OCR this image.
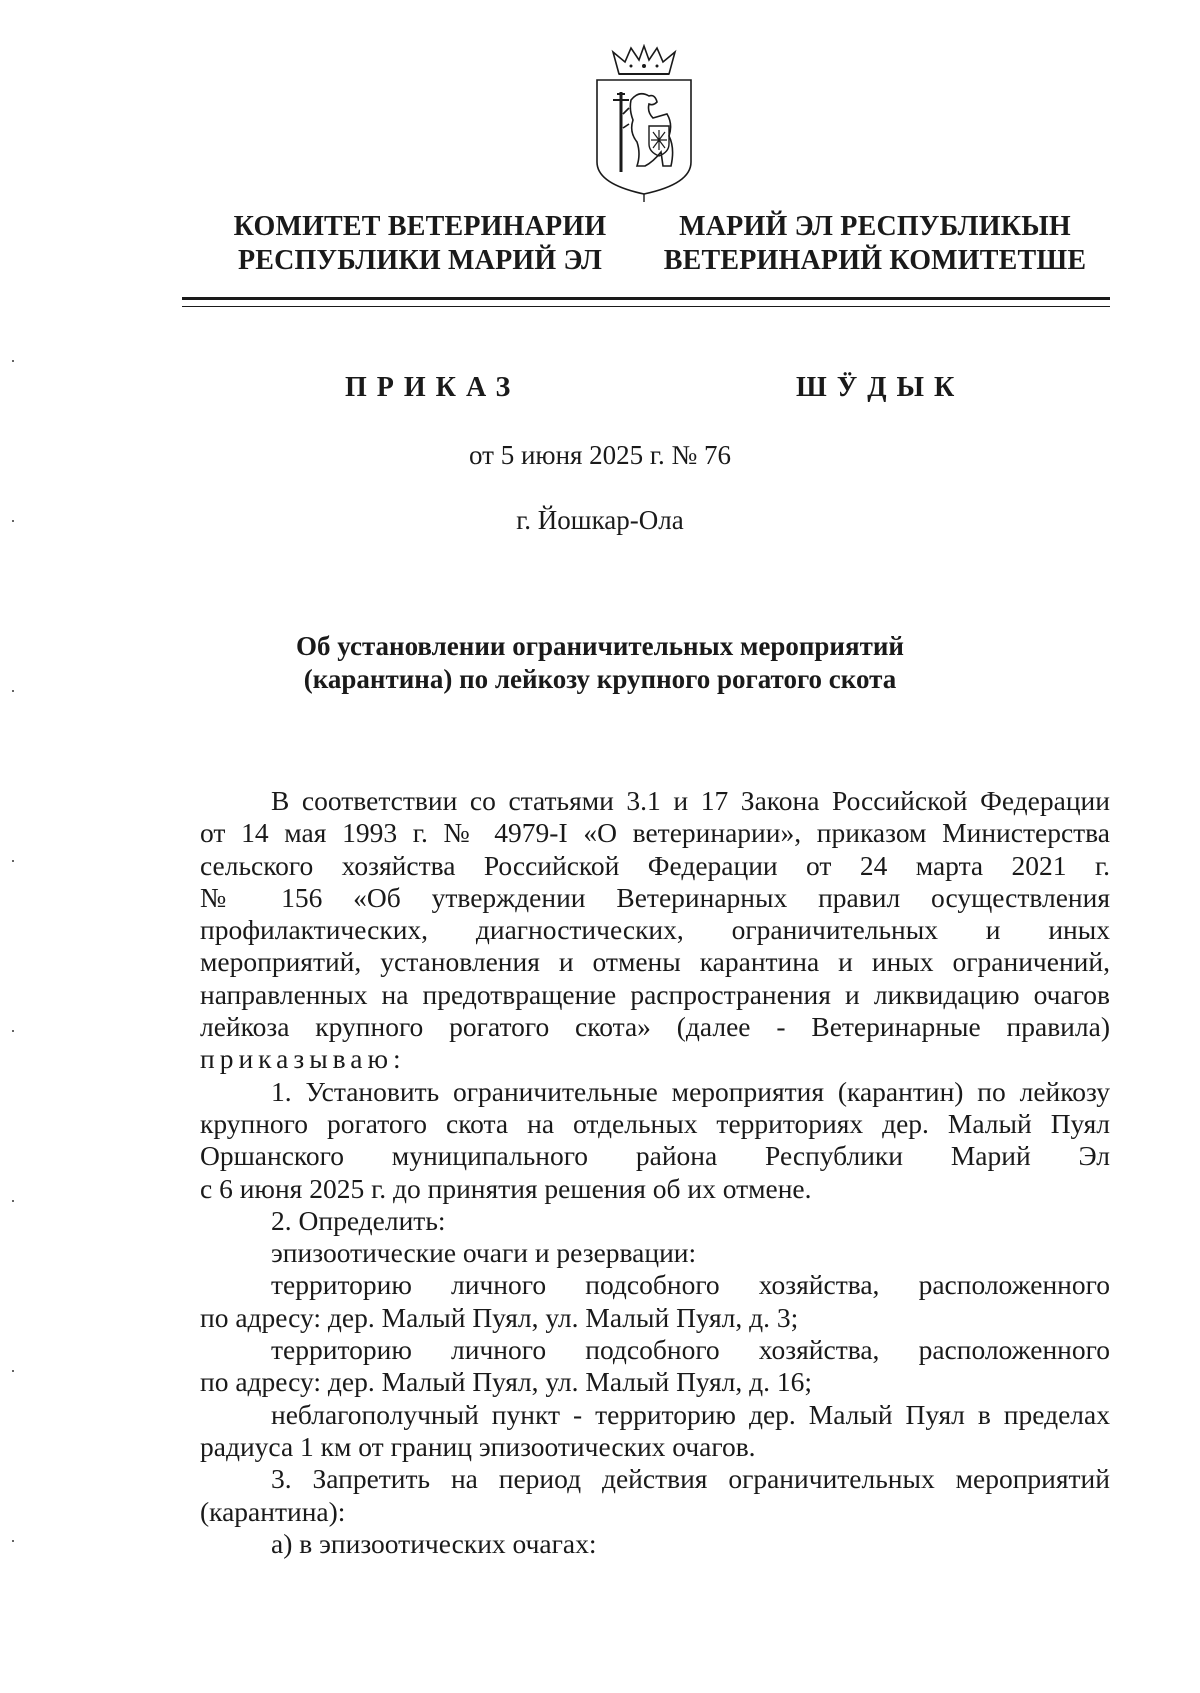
КОМИТЕТ ВЕТЕРИНАРИИ
РЕСПУБЛИКИ МАРИЙ ЭЛ
МАРИЙ ЭЛ РЕСПУБЛИКЫН
ВЕТЕРИНАРИЙ КОМИТЕТШЕ
ПРИКАЗ	ШӰДЫК
от 5 июня 2025 г. № 76
г. Йошкар-Ола
Об установлении ограничительных мероприятий
(карантина) по лейкозу крупного рогатого скота

В соответствии со статьями 3.1 и 17 Закона Российской Федерации

от 14 мая 1993 г. № 4979-I «О ветеринарии», приказом Министерства
сельского хозяйства Российской Федерации от 24 марта 2021 г.
№ 156 «Об утверждении Ветеринарных правил осуществления
профилактических, диагностических, ограничительных и иных
мероприятий, установления и отмены карантина и иных ограничений,
направленных на предотвращение распространения и ликвидацию очагов
лейкоза крупного рогатого скота» (далее - Ветеринарные правила)
приказываю:

1. Установить ограничительные мероприятия (карантин) по лейкозу

крупного рогатого скота на отдельных территориях дер. Малый Пуял
Оршанского муниципального района Республики Марий Эл
с 6 июня 2025 г. до принятия решения об их отмене.

2. Определить:

эпизоотические очаги и резервации:

территорию личного подсобного хозяйства, расположенного

по адресу: дер. Малый Пуял, ул. Малый Пуял, д. 3;

территорию личного подсобного хозяйства, расположенного

по адресу: дер. Малый Пуял, ул. Малый Пуял, д. 16;

неблагополучный пункт - территорию дер. Малый Пуял в пределах

радиуса 1 км от границ эпизоотических очагов.

3. Запретить на период действия ограничительных мероприятий

(карантина):

а) в эпизоотических очагах:
